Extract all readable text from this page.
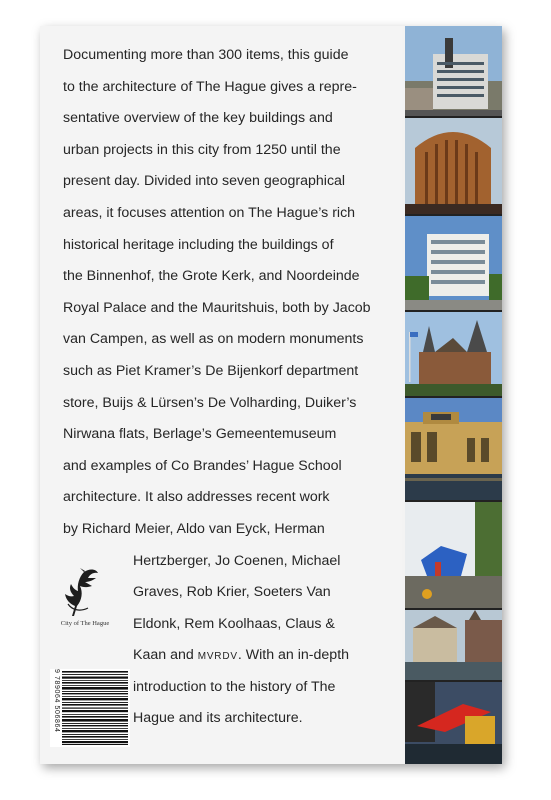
Documenting more than 300 items, this guide
to the architecture of The Hague gives a repre-
sentative overview of the key buildings and
urban projects in this city from 1250 until the
present day. Divided into seven geographical
areas, it focuses attention on The Hague’s rich
historical heritage including the buildings of
the Binnenhof, the Grote Kerk, and Noordeinde
Royal Palace and the Mauritshuis, both by Jacob
van Campen, as well as on modern monuments
such as Piet Kramer’s De Bijenkorf department
store, Buijs & Lürsen’s De Volharding, Duiker’s
Nirwana flats, Berlage’s Gemeentemuseum
and examples of Co Brandes’ Hague School
architecture. It also addresses recent work
by Richard Meier, Aldo van Eyck, Herman
Hertzberger, Jo Coenen, Michael
Graves, Rob Krier, Soeters Van
Eldonk, Rem Koolhaas, Claus &
Kaan and mvrdv. With an in-depth
introduction to the history of The
Hague and its architecture.

City of The Hague
9 789064 506864
